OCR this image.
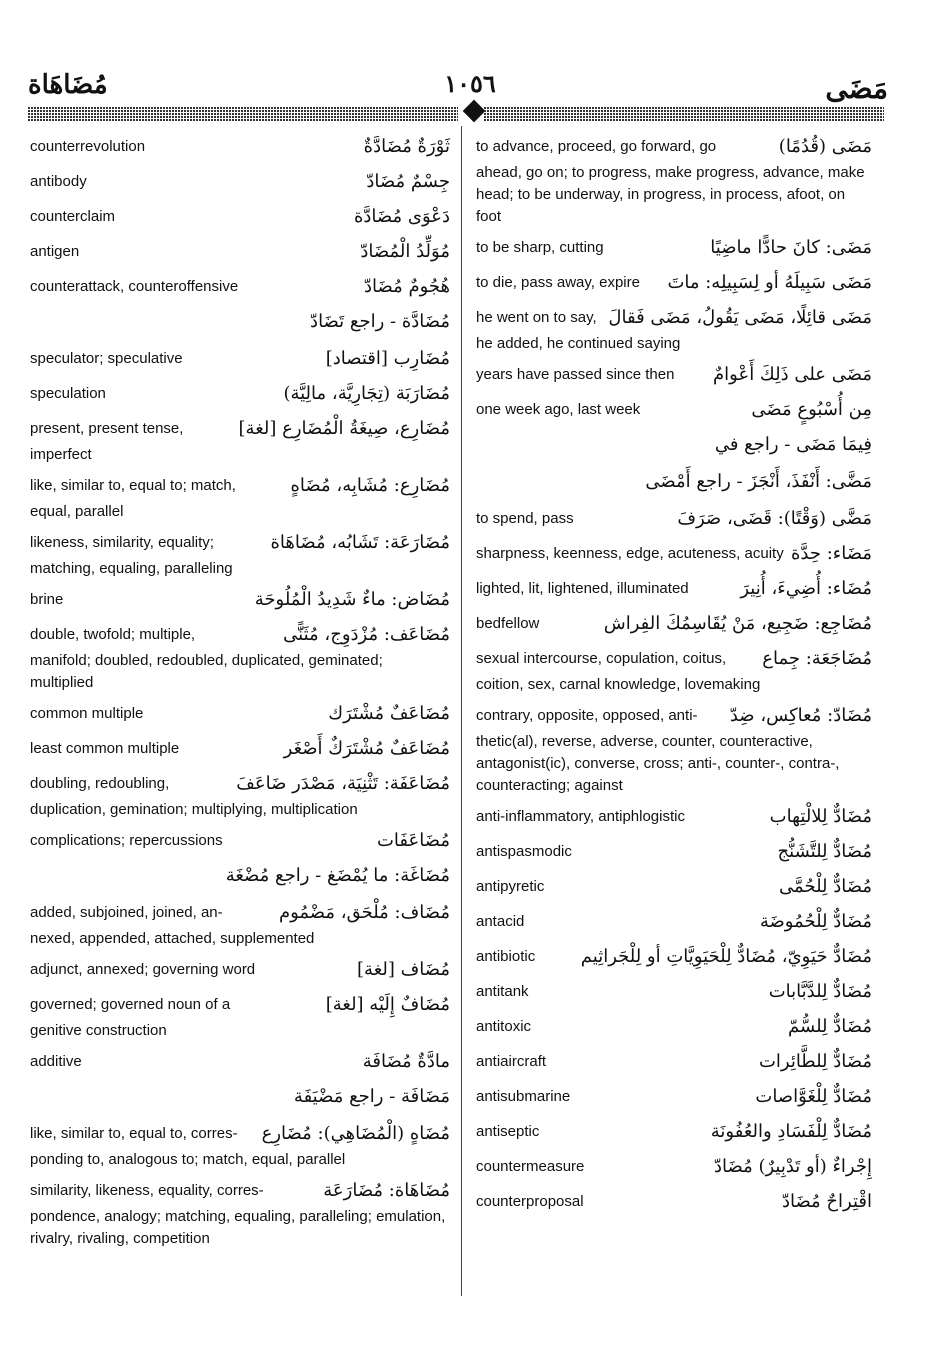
مُضَاهَاة	١٠٥٦	مَضَى
counterrevolution	ثَوْرَةٌ مُضَادَّةٌ
antibody	جِسْمٌ مُضَادّ
counterclaim	دَعْوَى مُضَادَّة
antigen	مُوَلِّدُ الْمُضَادّ
counterattack, counteroffensive	هُجُومٌ مُضَادّ
مُضَادَّة - راجع تَضَادّ
speculator; speculative	مُضَارِب [اقتصاد]
speculation	مُضَارَبَة (تِجَارِيَّة، مالِيَّة)
present, present tense,	مُضَارِع، صِيغَةُ الْمُضَارِع [لغة]
imperfect
like, similar to, equal to; match,	مُضَارِع: مُشَابِه، مُضَاهٍ
equal, parallel
likeness, similarity, equality;	مُضَارَعَة: تَشَابُه، مُضَاهَاة
matching, equaling, paralleling
brine	مُضَاض: ماءٌ شَدِيدُ الْمُلُوحَة
double, twofold; multiple,	مُضَاعَف: مُزْدَوِج، مُثَنًّى
manifold; doubled, redoubled, duplicated, geminated; multiplied
common multiple	مُضَاعَفٌ مُشْتَرَك
least common multiple	مُضَاعَفٌ مُشْتَرَكٌ أَصْغَر
doubling, redoubling,	مُضَاعَفَة: تَثْنِيَة، مَصْدَر ضَاعَفَ
duplication, gemination; multiplying, multiplication
complications; repercussions	مُضَاعَفَات
مُضَاغَة: ما يُمْضَغ - راجع مُضْغَة
added, subjoined, joined, an-	مُضَاف: مُلْحَق، مَضْمُوم
nexed, appended, attached, supplemented
adjunct, annexed; governing word	مُضَاف [لغة]
governed; governed noun of a	مُضَافٌ إِلَيْه [لغة]
genitive construction
additive	مادَّةٌ مُضَافَة
مَضَافَة - راجع مَضْيَفَة
like, similar to, equal to, corres- مُضَاهٍ (الْمُضَاهِي): مُضَارِع
ponding to, analogous to; match, equal, parallel
similarity, likeness, equality, corres-	مُضَاهَاة: مُضَارَعَة
pondence, analogy; matching, equaling, paralleling; emulation, rivalry, rivaling, competition
to advance, proceed, go forward, go	مَضَى (قُدُمًا)
ahead, go on; to progress, make progress, advance, make head; to be underway, in progress, in process, afoot, on foot
to be sharp, cutting	مَضَى: كانَ حادًّا ماضِيًا
to die, pass away, expire مَضَى سَبِيلَهُ أو لِسَبِيلِه: ماتَ
he went on to say, مَضَى قائِلًا، مَضَى يَقُولُ، مَضَى فَقالَ
he added, he continued saying
years have passed since then مَضَى على ذَلِكَ أَعْوامٌ
one week ago, last week	مِن أُسْبُوعٍ مَضَى
فِيمَا مَضَى - راجع في
مَضَّى: أَنْفَذَ، أَنْجَزَ - راجع أَمْضَى
to spend, pass	مَضَّى (وَقْتًا): قَضَى، صَرَفَ
sharpness, keenness, edge, acuteness, acuity مَضَاء: حِدَّة
lighted, lit, lightened, illuminated	مُضَاء: أُضِيءَ، أُنِيرَ
bedfellow	مُضَاجِع: ضَجِيع، مَنْ يُقَاسِمُكَ الفِراش
sexual intercourse, copulation, coitus, مُضَاجَعَة: جِماع
coition, sex, carnal knowledge, lovemaking
contrary, opposite, opposed, anti- مُضَادّ: مُعاكِس، ضِدّ
thetic(al), reverse, adverse, counter, counteractive, antagonist(ic), converse, cross; anti-, counter-, contra-, counteracting; against
anti-inflammatory, antiphlogistic	مُضَادٌّ لِلالْتِهاب
antispasmodic	مُضَادٌّ لِلتَّشَنُّج
antipyretic	مُضَادٌّ لِلْحُمَّى
antacid	مُضَادٌّ لِلْحُمُوضَة
antibiotic	مُضَادٌّ حَيَوِيّ، مُضَادٌّ لِلْحَيَوِيَّاتِ أو لِلْجَراثِيم
antitank	مُضَادٌّ لِلدَّبَّابات
antitoxic	مُضَادٌّ لِلسُّمّ
antiaircraft	مُضَادٌّ لِلطَّائِرات
antisubmarine	مُضَادٌّ لِلْغَوَّاصات
antiseptic	مُضَادٌّ لِلْفَسَادِ والعُفُونَة
countermeasure	إِجْراءٌ (أو تَدْبِيرٌ) مُضَادّ
counterproposal	اقْتِراحٌ مُضَادّ
